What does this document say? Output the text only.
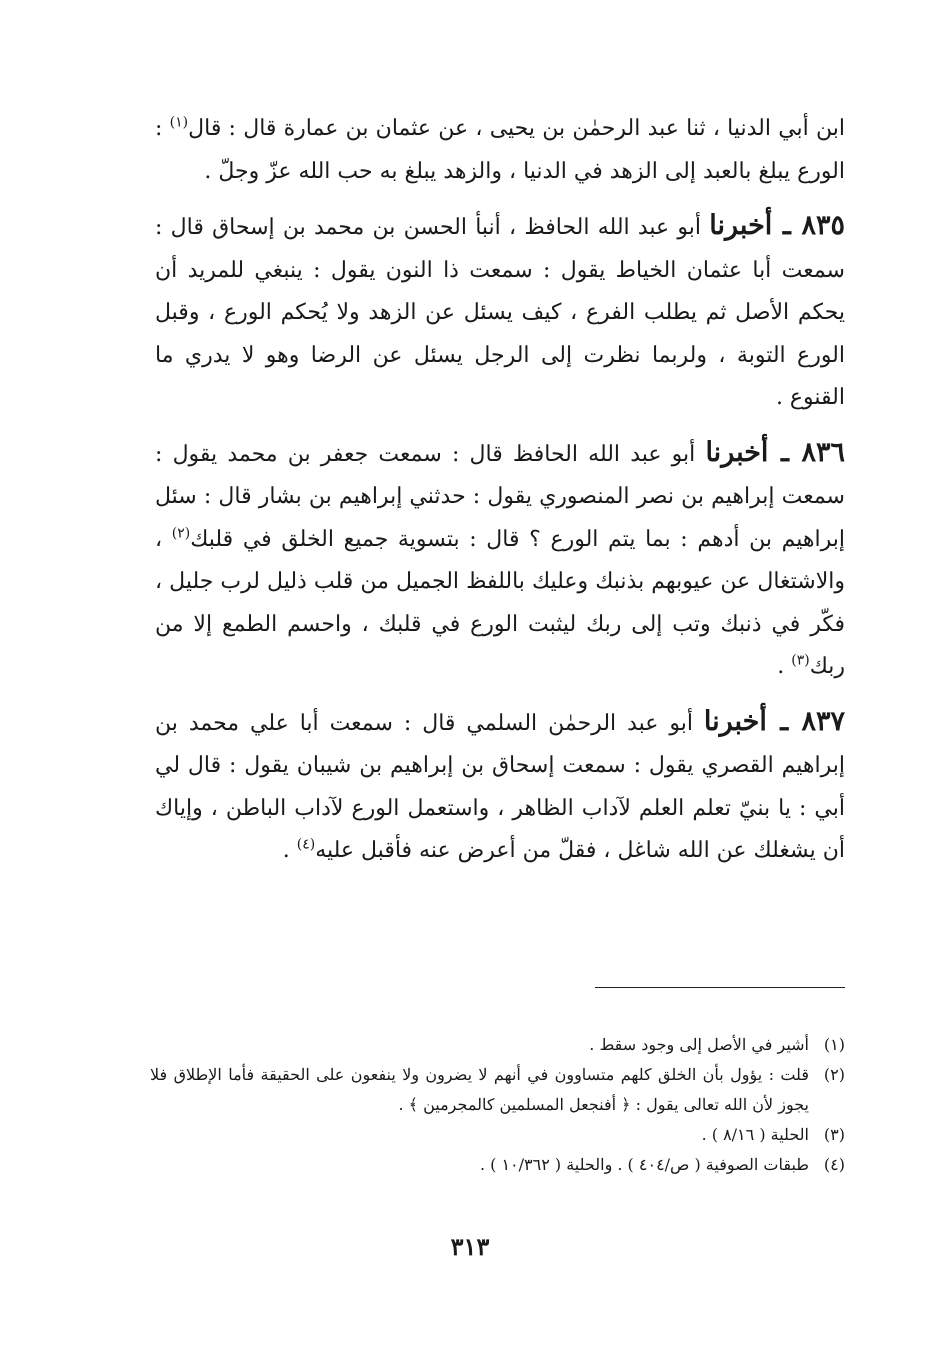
ابن أبي الدنيا ، ثنا عبد الرحمٰن بن يحيى ، عن عثمان بن عمارة قال : قال$^{(١)}$ : الورع يبلغ بالعبد إلى الزهد في الدنيا ، والزهد يبلغ به حب الله عزّ وجلّ .

٨٣٥ ـ أخبرنا أبو عبد الله الحافظ ، أنبأ الحسن بن محمد بن إسحاق قال : سمعت أبا عثمان الخياط يقول : سمعت ذا النون يقول : ينبغي للمريد أن يحكم الأصل ثم يطلب الفرع ، كيف يسئل عن الزهد ولا يُحكم الورع ، وقبل الورع التوبة ، ولربما نظرت إلى الرجل يسئل عن الرضا وهو لا يدري ما القنوع .

٨٣٦ ـ أخبرنا أبو عبد الله الحافظ قال : سمعت جعفر بن محمد يقول : سمعت إبراهيم بن نصر المنصوري يقول : حدثني إبراهيم بن بشار قال : سئل إبراهيم بن أدهم : بما يتم الورع ؟ قال : بتسوية جميع الخلق في قلبك$^{(٢)}$ ، والاشتغال عن عيوبهم بذنبك وعليك باللفظ الجميل من قلب ذليل لرب جليل ، فكّر في ذنبك وتب إلى ربك ليثبت الورع في قلبك ، واحسم الطمع إلا من ربك$^{(٣)}$ .

٨٣٧ ـ أخبرنا أبو عبد الرحمٰن السلمي قال : سمعت أبا علي محمد بن إبراهيم القصري يقول : سمعت إسحاق بن إبراهيم بن شيبان يقول : قال لي أبي : يا بنيّ تعلم العلم لآداب الظاهر ، واستعمل الورع لآداب الباطن ، وإياك أن يشغلك عن الله شاغل ، فقلّ من أعرض عنه فأقبل عليه$^{(٤)}$ .

(١)
أشير في الأصل إلى وجود سقط .
(٢)
قلت : يؤول بأن الخلق كلهم متساوون في أنهم لا يضرون ولا ينفعون على الحقيقة فأما الإطلاق فلا يجوز لأن الله تعالى يقول : ﴿ أفنجعل المسلمين كالمجرمين ﴾ .
(٣)
الحلية ( ٨/١٦ ) .
(٤)
طبقات الصوفية ( ص/٤٠٤ ) . والحلية ( ١٠/٣٦٢ ) .
٣١٣
